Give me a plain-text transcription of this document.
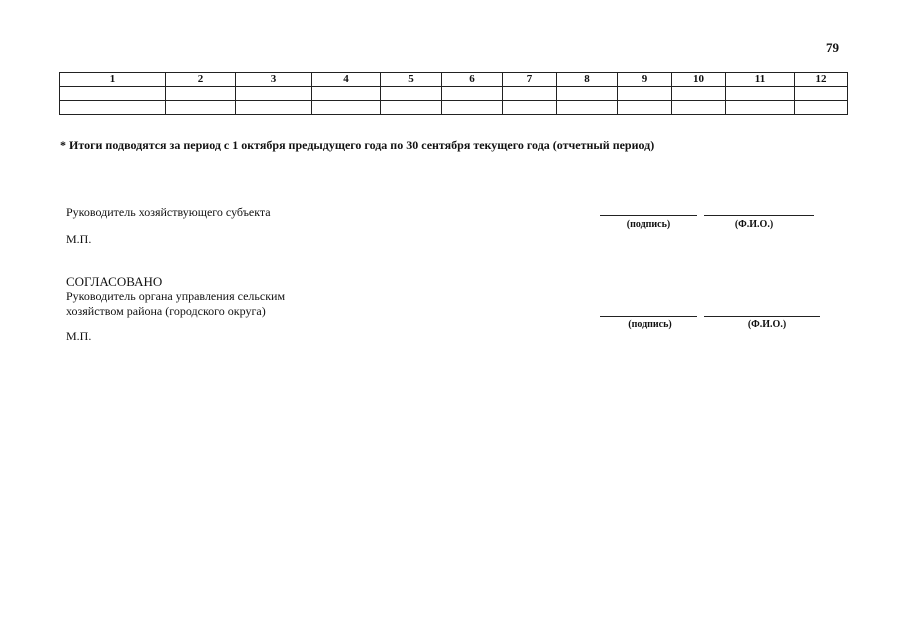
79
1	2	3	4	5	6	7	8	9	10	11	12

* Итоги подводятся за период с 1 октября предыдущего года по 30 сентября текущего года (отчетный период)
Руководитель хозяйствующего субъекта
М.П.
(подпись)	(Ф.И.О.)
СОГЛАСОВАНО
Руководитель органа управления сельским
хозяйством района (городского округа)
М.П.
(подпись)	(Ф.И.О.)
